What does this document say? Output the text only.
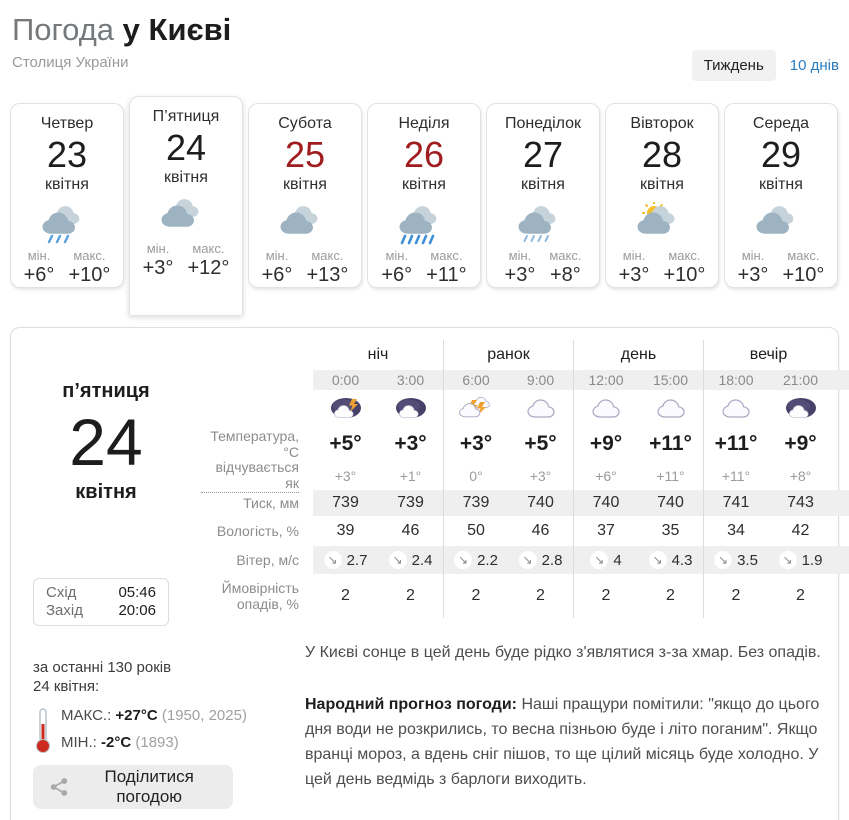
Погода у Києві
Столиця України	Тиждень	10 днів
Четвер
23
квітня
мін.
+6°
макс.
+10°
П’ятниця
24
квітня
мін.
+3°
макс.
+12°
Субота
25
квітня
мін.
+6°
макс.
+13°
Неділя
26
квітня
мін.
+6°
макс.
+11°
Понеділок
27
квітня
мін.
+3°
макс.
+8°
Вівторок
28
квітня
мін.
+3°
макс.
+10°
Середа
29
квітня
мін.
+3°
макс.
+10°
п’ятниця
24
квітня
Схід	05:46
Захід 20:06
за останні 130 років
24 квітня:
МАКС.: +27°C (1950, 2025)
МІН.: -2°C (1893)
Поділитися погодою
ніч	ранок	день	вечір
0:00	3:00	6:00	9:00	12:00	15:00	18:00	21:00
Температура, °C	+5°	+3°	+3°	+5°	+9°	+11°	+11°	+9°
відчувається як	+3°	+1°	0°	+3°	+6°	+11°	+11°	+8°
Тиск, мм	739	739	739	740	740	740	741	743
Вологість, %	39	46	50	46	37	35	34	42
Вітер, м/с	↘ 2.7	↘ 2.4	↘ 2.2	↘ 2.8	↘ 4	↘ 4.3	↘ 3.5	↘ 1.9
Ймовірність опадів, %	2	2	2	2	2	2	2	2

У Києві сонце в цей день буде рідко з'являтися з-за хмар. Без опадів.

Народний прогноз погоди: Наші пращури помітили: "якщо до цього дня води не розкрились, то весна пізньою буде і літо поганим". Якщо вранці мороз, а вдень сніг пішов, то ще цілий місяць буде холодно. У цей день ведмідь з барлоги виходить.
